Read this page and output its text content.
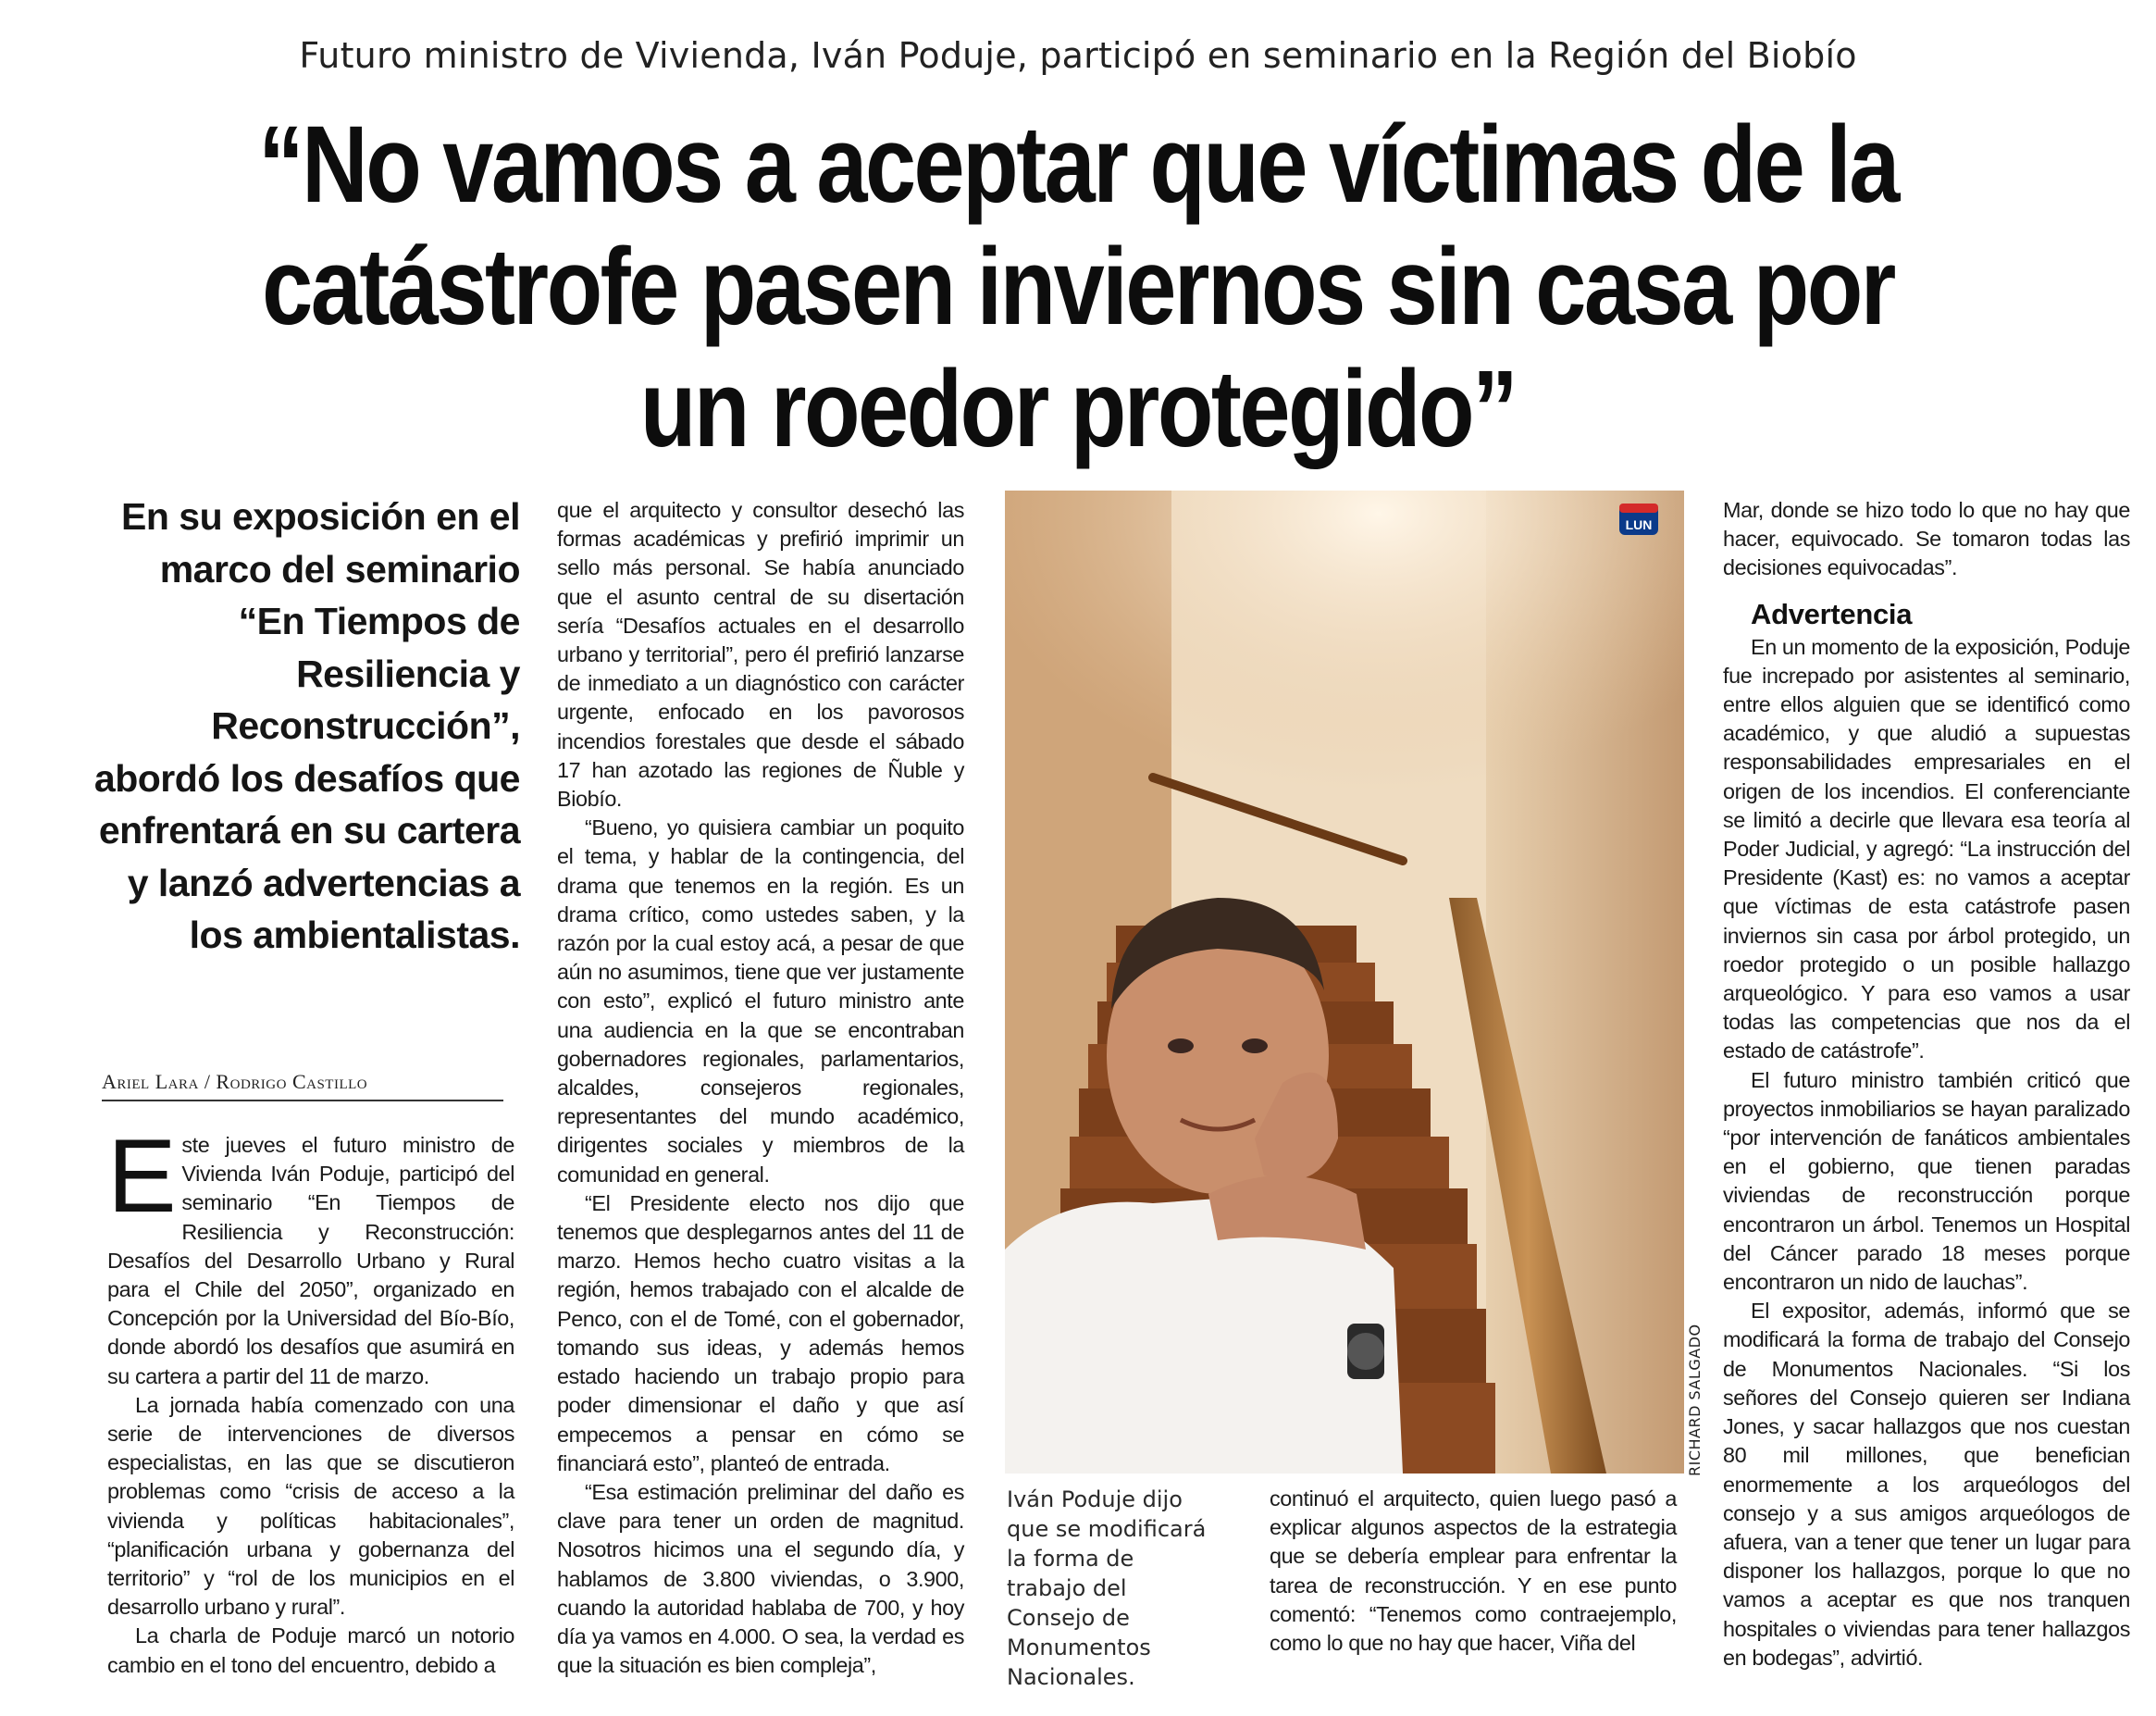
Futuro ministro de Vivienda, Iván Poduje, participó en seminario en la Región del Biobío
“No vamos a aceptar que víctimas de la
catástrofe pasen inviernos sin casa por
un roedor protegido”
En su exposición en el marco del seminario “En Tiempos de Resiliencia y Reconstrucción”, abordó los desafíos que enfrentará en su cartera y lanzó advertencias a los ambientalistas.
Ariel Lara / Rodrigo Castillo

Este jueves el futuro ministro de Vivienda Iván Poduje, participó del seminario “En Tiempos de Resiliencia y Reconstrucción: Desafíos del Desarrollo Urbano y Rural para el Chile del 2050”, organizado en Concepción por la Universidad del Bío-Bío, donde abordó los desafíos que asumirá en su cartera a partir del 11 de marzo.

La jornada había comenzado con una serie de intervenciones de diversos especialistas, en las que se discutieron problemas como “crisis de acceso a la vivienda y políticas habitacionales”, “planificación urbana y gobernanza del territorio” y “rol de los municipios en el desarrollo urbano y rural”.

La charla de Poduje marcó un notorio cambio en el tono del encuentro, debido a

que el arquitecto y consultor desechó las formas académicas y prefirió imprimir un sello más personal. Se había anunciado que el asunto central de su disertación sería “Desafíos actuales en el desarrollo urbano y territorial”, pero él prefirió lanzarse de inmediato a un diagnóstico con carácter urgente, enfocado en los pavorosos incendios forestales que desde el sábado 17 han azotado las regiones de Ñuble y Biobío.

“Bueno, yo quisiera cambiar un poquito el tema, y hablar de la contingencia, del drama que tenemos en la región. Es un drama crítico, como ustedes saben, y la razón por la cual estoy acá, a pesar de que aún no asumimos, tiene que ver justamente con esto”, explicó el futuro ministro ante una audiencia en la que se encontraban gobernadores regionales, parlamentarios, alcaldes, consejeros regionales, representantes del mundo académico, dirigentes sociales y miembros de la comunidad en general.

“El Presidente electo nos dijo que tenemos que desplegarnos antes del 11 de marzo. Hemos hecho cuatro visitas a la región, hemos trabajado con el alcalde de Penco, con el de Tomé, con el gobernador, tomando sus ideas, y además hemos estado haciendo un trabajo propio para poder dimensionar el daño y que así empecemos a pensar en cómo se financiará esto”, planteó de entrada.

“Esa estimación preliminar del daño es clave para tener un orden de magnitud. Nosotros hicimos una el segundo día, y hablamos de 3.800 viviendas, o 3.900, cuando la autoridad hablaba de 700, y hoy día ya vamos en 4.000. O sea, la verdad es que la situación es bien compleja”,

LUN
RICHARD SALGADO
Iván Poduje dijo que se modificará la forma de trabajo del Consejo de Monumentos Nacionales.

continuó el arquitecto, quien luego pasó a explicar algunos aspectos de la estrategia que se debería emplear para enfrentar la tarea de reconstrucción. Y en ese punto comentó: “Tenemos como contraejemplo, como lo que no hay que hacer, Viña del

Mar, donde se hizo todo lo que no hay que hacer, equivocado. Se tomaron todas las decisiones equivocadas”.

Advertencia

En un momento de la exposición, Poduje fue increpado por asistentes al seminario, entre ellos alguien que se identificó como académico, y que aludió a supuestas responsabilidades empresariales en el origen de los incendios. El conferenciante se limitó a decirle que llevara esa teoría al Poder Judicial, y agregó: “La instrucción del Presidente (Kast) es: no vamos a aceptar que víctimas de esta catástrofe pasen inviernos sin casa por árbol protegido, un roedor protegido o un posible hallazgo arqueológico. Y para eso vamos a usar todas las competencias que nos da el estado de catástrofe”.

El futuro ministro también criticó que proyectos inmobiliarios se hayan paralizado “por intervención de fanáticos ambientales en el gobierno, que tienen paradas viviendas de reconstrucción porque encontraron un árbol. Tenemos un Hospital del Cáncer parado 18 meses porque encontraron un nido de lauchas”.

El expositor, además, informó que se modificará la forma de trabajo del Consejo de Monumentos Nacionales. “Si los señores del Consejo quieren ser Indiana Jones, y sacar hallazgos que nos cuestan 80 mil millones, que benefician enormemente a los arqueólogos del consejo y a sus amigos arqueólogos de afuera, van a tener que tener un lugar para disponer los hallazgos, porque lo que no vamos a aceptar es que nos tranquen hospitales o viviendas para tener hallazgos en bodegas”, advirtió.
